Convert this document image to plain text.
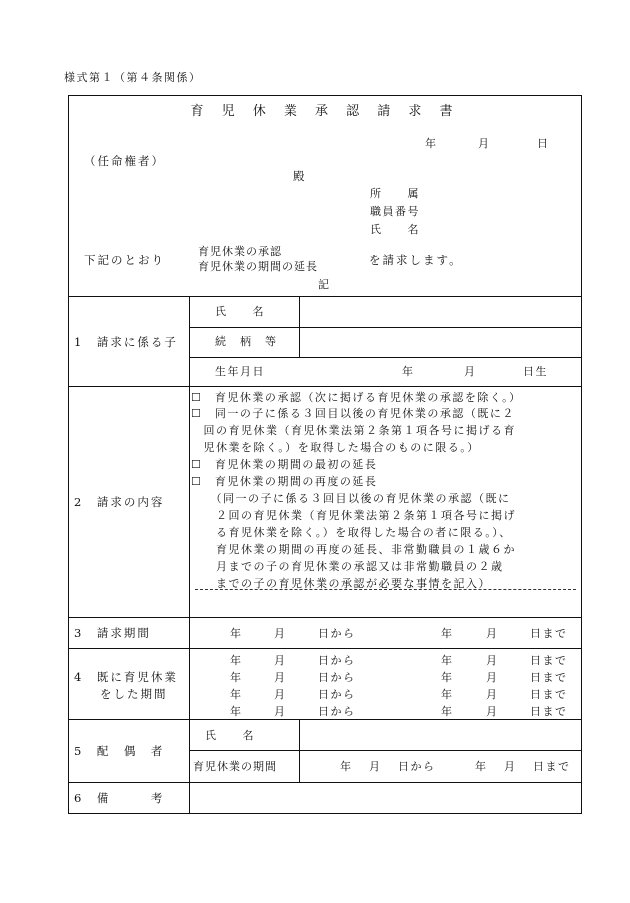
様式第１（第４条関係）
育 児 休 業 承 認 請 求 書
年	月	日
（任命権者）
殿
所　　属
職員番号
氏　　名
下記のとおり
育児休業の承認
育児休業の期間の延長	を請求します。
記
1　請求に係る子
氏　　名
続　柄　等
生年月日	年	月	日生
2　請求の内容
☐　育児休業の承認（次に掲げる育児休業の承認を除く。）
☐　同一の子に係る３回目以後の育児休業の承認（既に２
　回の育児休業（育児休業法第２条第１項各号に掲げる育
　児休業を除く。）を取得した場合のものに限る。）
☐　育児休業の期間の最初の延長
☐　育児休業の期間の再度の延長
　　（同一の子に係る３回目以後の育児休業の承認（既に
　　２回の育児休業（育児休業法第２条第１項各号に掲げ
　　る育児休業を除く。）を取得した場合の者に限る。）、
　　育児休業の期間の再度の延長、非常勤職員の１歳６か
　　月までの子の育児休業の承認又は非常勤職員の２歳
　　までの子の育児休業の承認が必要な事情を記入）
3　請求期間	年	月	日から	年	月	日まで
4　既に育児休業
をした期間
年	月	日から	年	月	日まで
年	月	日から	年	月	日まで
年	月	日から	年	月	日まで
年	月	日から	年	月	日まで
5　配　偶　者
氏　　名
育児休業の期間	年 月 日から	年 月 日まで
6　備　　　考
